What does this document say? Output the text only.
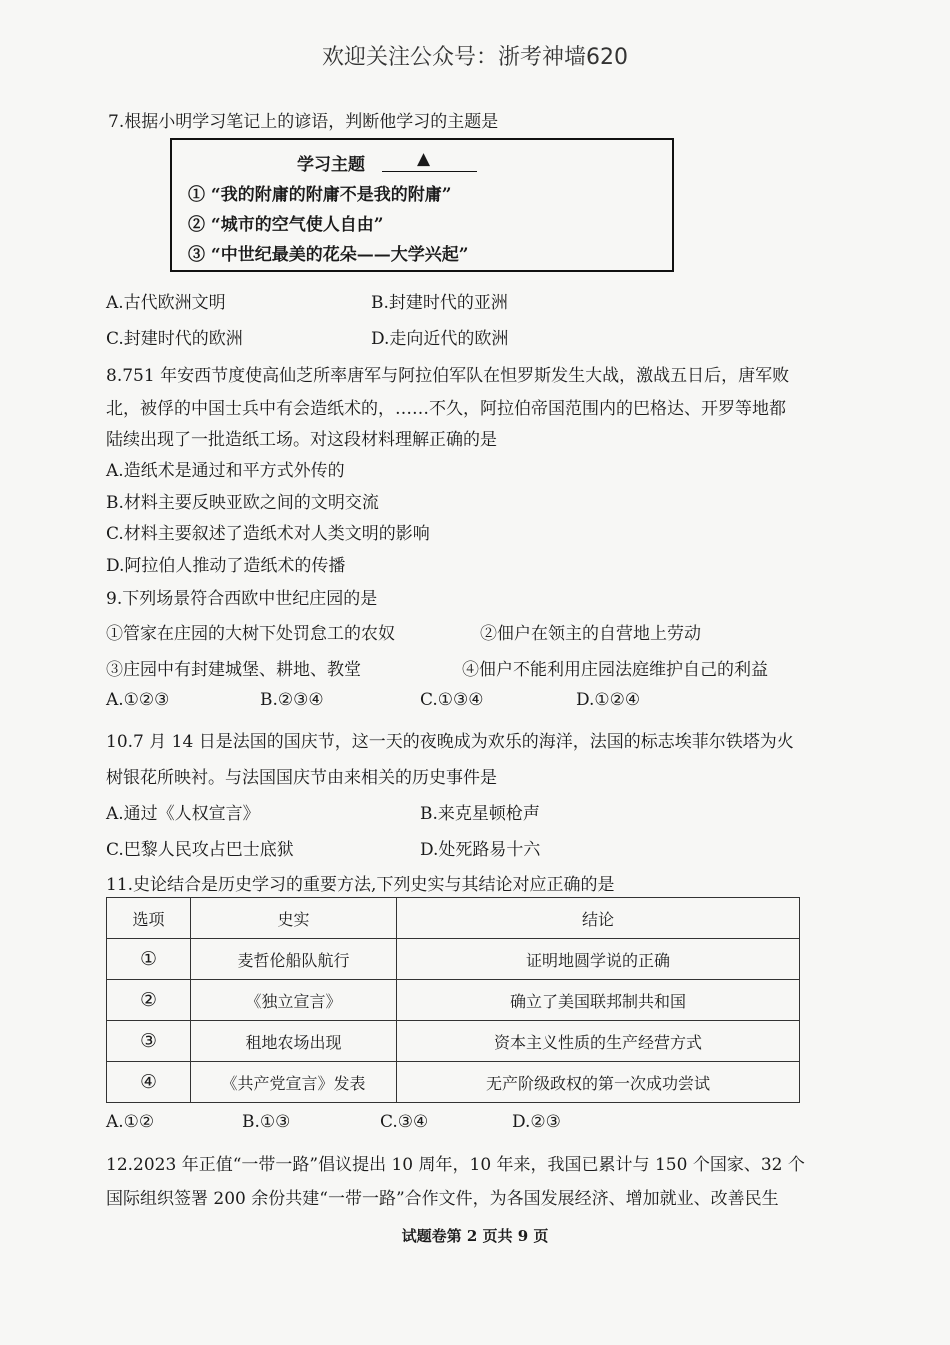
欢迎关注公众号：浙考神墙620
7.根据小明学习笔记上的谚语，判断他学习的主题是
学习主题	▲
① “我的附庸的附庸不是我的附庸”
② “城市的空气使人自由”
③ “中世纪最美的花朵——大学兴起”
A.古代欧洲文明	B.封建时代的亚洲
C.封建时代的欧洲	D.走向近代的欧洲
8.751 年安西节度使高仙芝所率唐军与阿拉伯军队在怛罗斯发生大战，激战五日后，唐军败
北，被俘的中国士兵中有会造纸术的，……不久，阿拉伯帝国范围内的巴格达、开罗等地都
陆续出现了一批造纸工场。对这段材料理解正确的是
A.造纸术是通过和平方式外传的
B.材料主要反映亚欧之间的文明交流
C.材料主要叙述了造纸术对人类文明的影响
D.阿拉伯人推动了造纸术的传播
9.下列场景符合西欧中世纪庄园的是
①管家在庄园的大树下处罚怠工的农奴	②佃户在领主的自营地上劳动
③庄园中有封建城堡、耕地、教堂	④佃户不能利用庄园法庭维护自己的利益
A.①②③	B.②③④	C.①③④	D.①②④
10.7 月 14 日是法国的国庆节，这一天的夜晚成为欢乐的海洋，法国的标志埃菲尔铁塔为火
树银花所映衬。与法国国庆节由来相关的历史事件是
A.通过《人权宣言》	B.来克星顿枪声
C.巴黎人民攻占巴士底狱	D.处死路易十六
11.史论结合是历史学习的重要方法,下列史实与其结论对应正确的是
选项	史实	结论
①	麦哲伦船队航行	证明地圆学说的正确
②	《独立宣言》	确立了美国联邦制共和国
③	租地农场出现	资本主义性质的生产经营方式
④	《共产党宣言》发表	无产阶级政权的第一次成功尝试
A.①②	B.①③	C.③④	D.②③
12.2023 年正值“一带一路”倡议提出 10 周年，10 年来，我国已累计与 150 个国家、32 个
国际组织签署 200 余份共建“一带一路”合作文件，为各国发展经济、增加就业、改善民生
试题卷第 2 页共 9 页
